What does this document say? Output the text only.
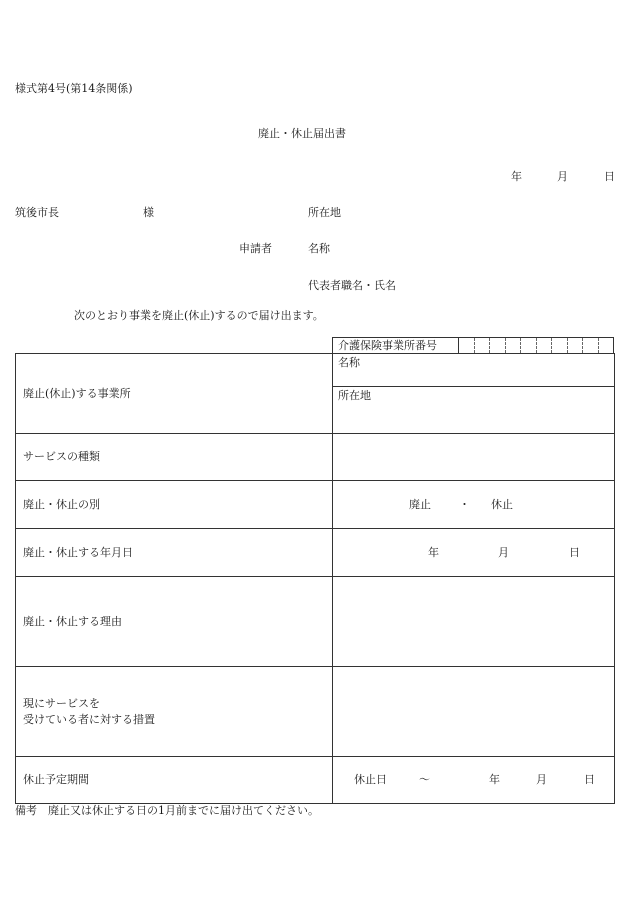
様式第4号(第14条関係)
廃止・休止届出書
年	月	日
筑後市長	様	所在地
申請者	名称
代表者職名・氏名
次のとおり事業を廃止(休止)するので届け出ます。
介護保険事業所番号
廃止(休止)する事業所	名称
所在地

サービスの種類	
廃止・休止の別	廃止 ・ 休止

廃止・休止する年月日	年 月 日

廃止・休止する理由	

現にサービスを
受けている者に対する措置	

休止予定期間	休止日 ～ 年 月 日
備考　廃止又は休止する日の1月前までに届け出てください。
